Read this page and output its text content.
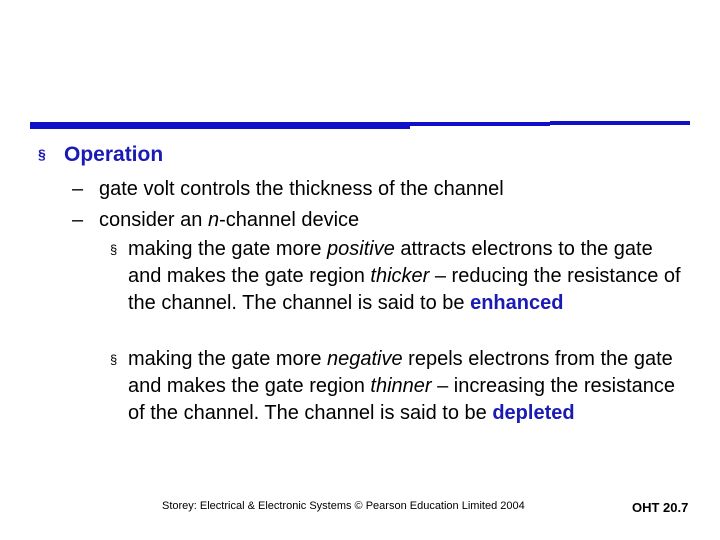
§ Operation
– gate volt controls the thickness of the channel
– consider an n-channel device
§ making the gate more positive attracts electrons to the gate and makes the gate region thicker – reducing the resistance of the channel. The channel is said to be enhanced
§ making the gate more negative repels electrons from the gate and makes the gate region thinner – increasing the resistance of the channel. The channel is said to be depleted
Storey: Electrical & Electronic Systems © Pearson Education Limited 2004	OHT 20.7
